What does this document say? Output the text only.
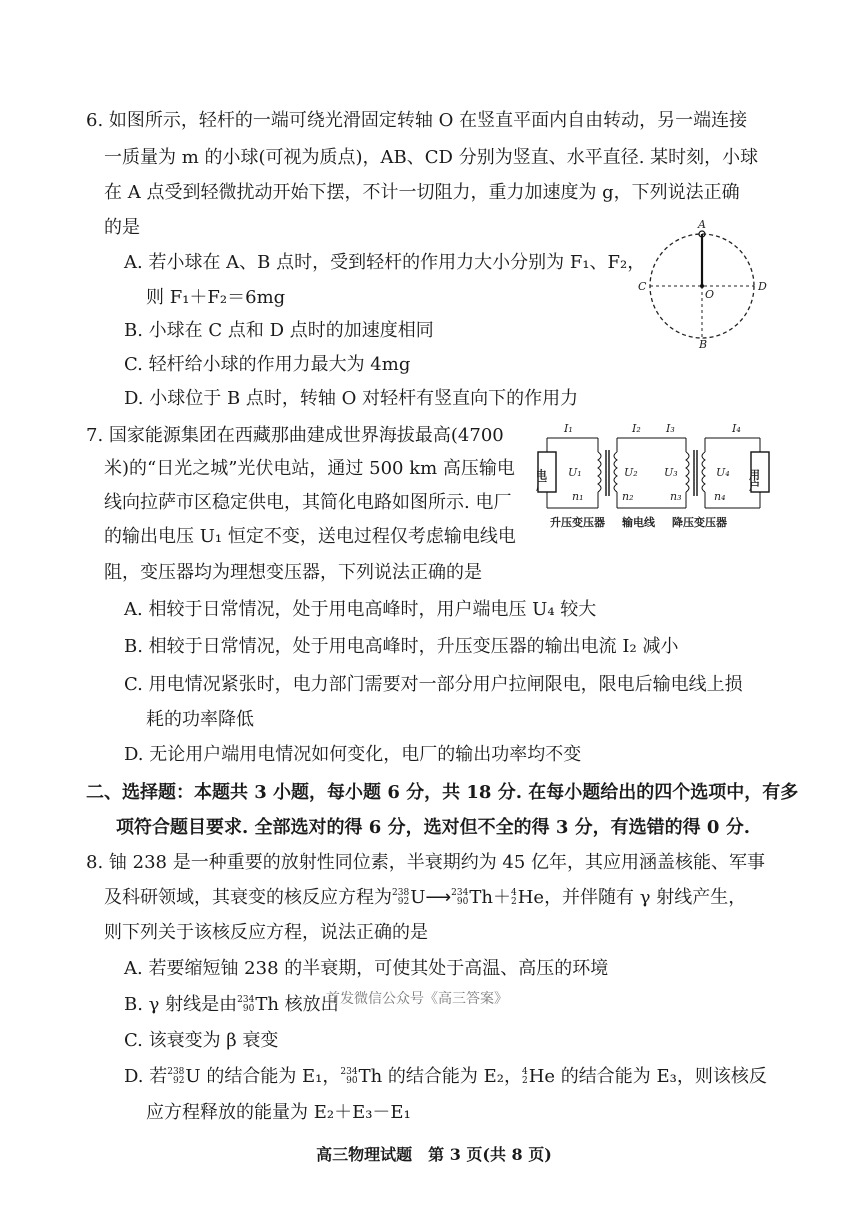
6. 如图所示，轻杆的一端可绕光滑固定转轴 O 在竖直平面内自由转动，另一端连接
一质量为 m 的小球(可视为质点)，AB、CD 分别为竖直、水平直径. 某时刻，小球
在 A 点受到轻微扰动开始下摆，不计一切阻力，重力加速度为 g，下列说法正确
的是
A. 若小球在 A、B 点时，受到轻杆的作用力大小分别为 F₁、F₂，
则 F₁＋F₂＝6mg
B. 小球在 C 点和 D 点时的加速度相同
C. 轻杆给小球的作用力最大为 4mg
D. 小球位于 B 点时，转轴 O 对轻杆有竖直向下的作用力
A
B
C	D
O
7. 国家能源集团在西藏那曲建成世界海拔最高(4700
米)的“日光之城”光伏电站，通过 500 km 高压输电
线向拉萨市区稳定供电，其简化电路如图所示. 电厂
的输出电压 U₁ 恒定不变，送电过程仅考虑输电线电
阻，变压器均为理想变压器，下列说法正确的是
A. 相较于日常情况，处于用电高峰时，用户端电压 U₄ 较大
B. 相较于日常情况，处于用电高峰时，升压变压器的输出电流 I₂ 减小
C. 用电情况紧张时，电力部门需要对一部分用户拉闸限电，限电后输电线上损
耗的功率降低
D. 无论用户端用电情况如何变化，电厂的输出功率均不变
电厂	用户
I₁	I₂ I₃	I₄
U₁	U₂ U₃	U₄
n₁	n₂	n₃	n₄
升压变压器 输电线 降压变压器
二、选择题：本题共 3 小题，每小题 6 分，共 18 分. 在每小题给出的四个选项中，有多
项符合题目要求. 全部选对的得 6 分，选对但不全的得 3 分，有选错的得 0 分.
8. 铀 238 是一种重要的放射性同位素，半衰期约为 45 亿年，其应用涵盖核能、军事
及科研领域，其衰变的核反应方程为 238
92 U⟶ 234
90 Th＋ 4
2 He，并伴随有 γ 射线产生，
则下列关于该核反应方程，说法正确的是
A. 若要缩短铀 238 的半衰期，可使其处于高温、高压的环境
B. γ 射线是由 234
90 Th 核放出
C. 该衰变为 β 衰变
D. 若 238
92 U 的结合能为 E₁， 234
90 Th 的结合能为 E₂， 4
2 He 的结合能为 E₃，则该核反
应方程释放的能量为 E₂＋E₃－E₁
首发微信公众号《高三答案》
高三物理试题　第 3 页(共 8 页)
